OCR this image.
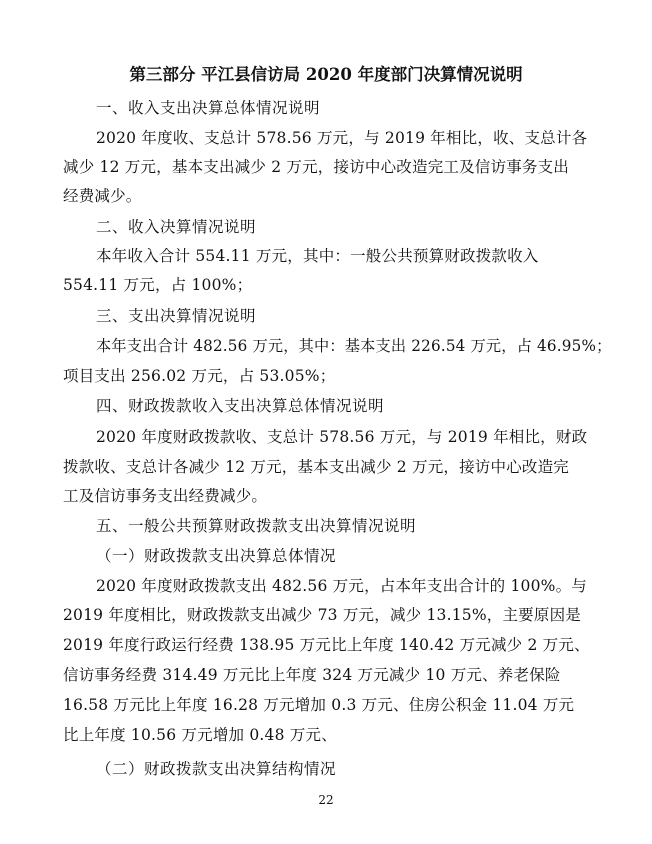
第三部分 平江县信访局 2020 年度部门决算情况说明
一、收入支出决算总体情况说明
2020 年度收、支总计 578.56 万元，与 2019 年相比，收、支总计各
减少 12 万元，基本支出减少 2 万元，接访中心改造完工及信访事务支出
经费减少。
二、收入决算情况说明
本年收入合计 554.11 万元，其中：一般公共预算财政拨款收入
554.11 万元，占 100%；
三、支出决算情况说明
本年支出合计 482.56 万元，其中：基本支出 226.54 万元，占 46.95%；
项目支出 256.02 万元，占 53.05%；
四、财政拨款收入支出决算总体情况说明
2020 年度财政拨款收、支总计 578.56 万元，与 2019 年相比，财政
拨款收、支总计各减少 12 万元，基本支出减少 2 万元，接访中心改造完
工及信访事务支出经费减少。
五、一般公共预算财政拨款支出决算情况说明
（一）财政拨款支出决算总体情况
2020 年度财政拨款支出 482.56 万元，占本年支出合计的 100%。与
2019 年度相比，财政拨款支出减少 73 万元，减少 13.15%，主要原因是
2019 年度行政运行经费 138.95 万元比上年度 140.42 万元减少 2 万元、
信访事务经费 314.49 万元比上年度 324 万元减少 10 万元、养老保险
16.58 万元比上年度 16.28 万元增加 0.3 万元、住房公积金 11.04 万元
比上年度 10.56 万元增加 0.48 万元、
（二）财政拨款支出决算结构情况
22
